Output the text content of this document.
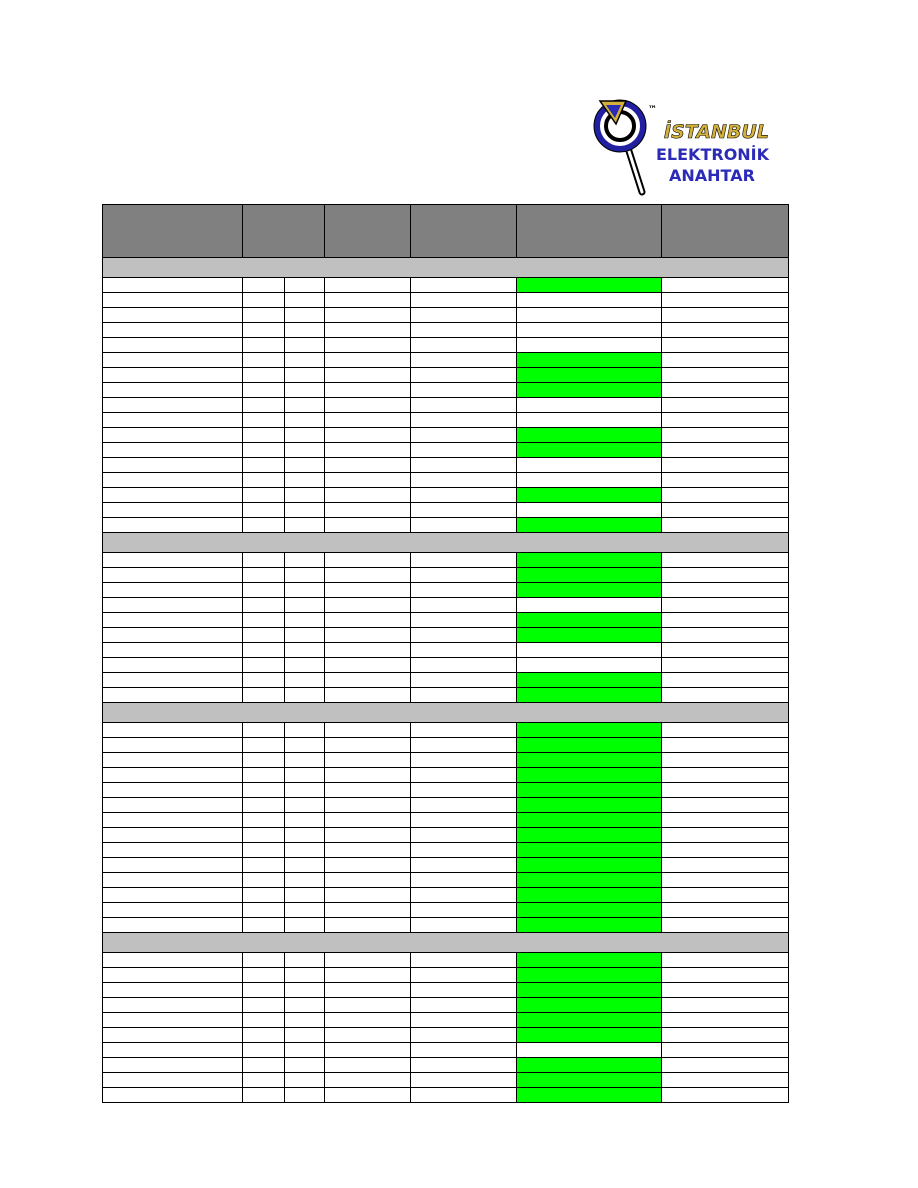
™
İSTANBUL
ELEKTRONİK
ANAHTAR
